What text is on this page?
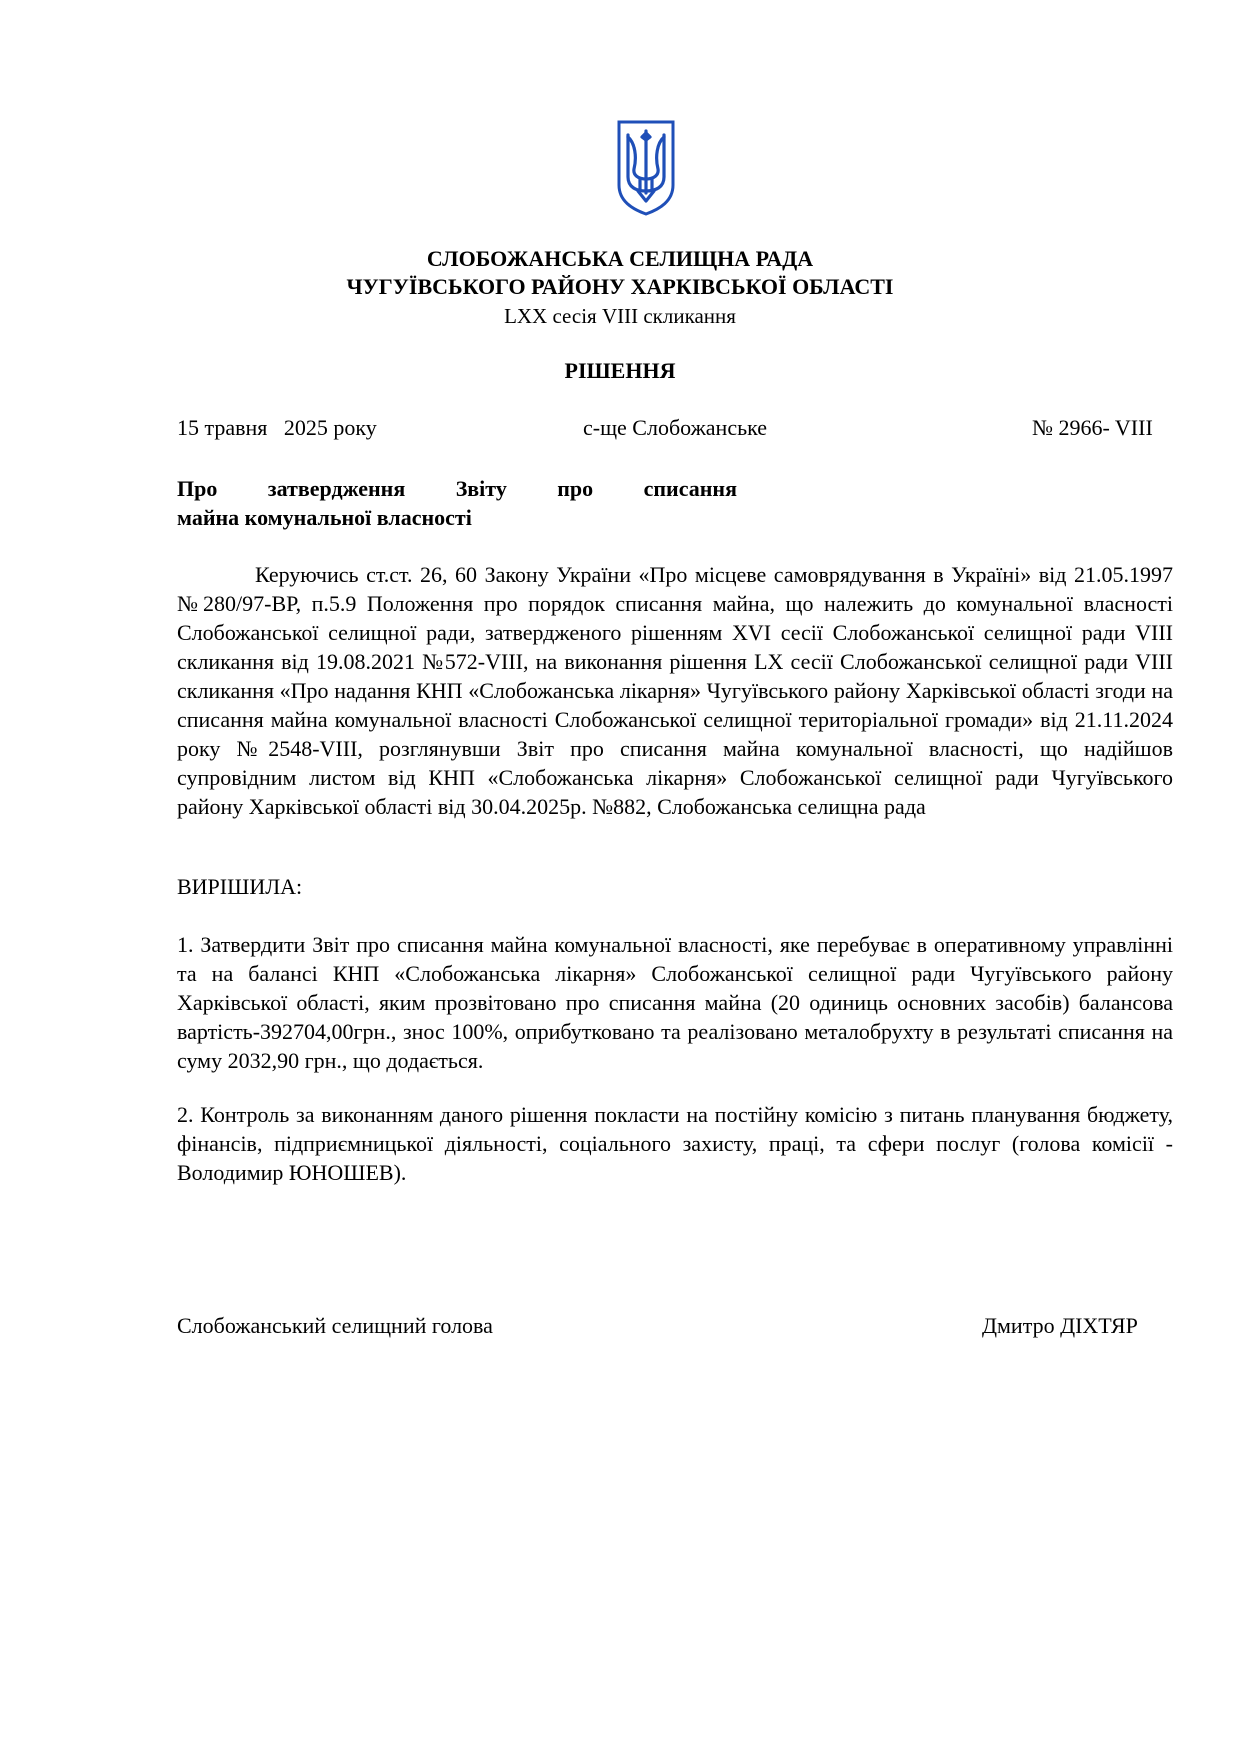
СЛОБОЖАНСЬКА СЕЛИЩНА РАДА
ЧУГУЇВСЬКОГО РАЙОНУ ХАРКІВСЬКОЇ ОБЛАСТІ
LXX сесія VIII скликання
РІШЕННЯ
15 травня   2025 року	с-ще Слобожанське	№ 2966- VIII
Про затвердження Звіту про списання
майна комунальної власності
Керуючись ст.ст. 26, 60 Закону України «Про місцеве самоврядування в Україні» від 21.05.1997 №280/97-ВР, п.5.9 Положення про порядок списання майна, що належить до комунальної власності Слобожанської селищної ради, затвердженого рішенням XVI сесії Слобожанської селищної ради VIII скликання від 19.08.2021 №572-VIII, на виконання рішення LX сесії Слобожанської селищної ради VIII скликання «Про надання КНП «Слобожанська лікарня» Чугуївського району Харківської області згоди на списання майна комунальної власності Слобожанської селищної територіальної громади» від 21.11.2024 року №2548-VIII, розглянувши Звіт про списання майна комунальної власності, що надійшов супровідним листом від КНП «Слобожанська лікарня» Слобожанської селищної ради Чугуївського району Харківської області від 30.04.2025р. №882, Слобожанська селищна рада
ВИРІШИЛА:
1. Затвердити Звіт про списання майна комунальної власності, яке перебуває в оперативному управлінні та на балансі КНП «Слобожанська лікарня» Слобожанської селищної ради Чугуївського району Харківської області, яким прозвітовано про списання майна (20 одиниць основних засобів) балансова вартість-392704,00грн., знос 100%, оприбутковано та реалізовано металобрухту в результаті списання на суму 2032,90 грн., що додається.
2. Контроль за виконанням даного рішення покласти на постійну комісію з питань планування бюджету, фінансів, підприємницької діяльності, соціального захисту, праці, та сфери послуг (голова комісії - Володимир ЮНОШЕВ).
Слобожанський селищний голова	Дмитро ДІХТЯР
